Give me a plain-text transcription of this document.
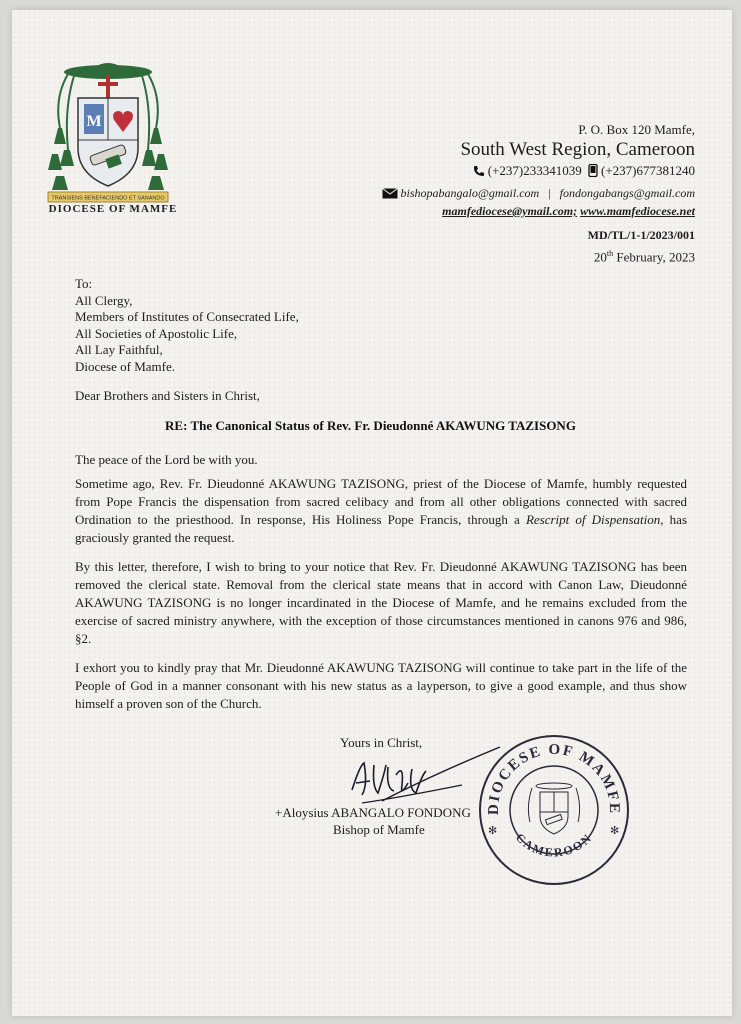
M
TRANSIENS BENEFACIENDO ET SANANDO
DIOCESE OF MAMFE
P. O. Box 120 Mamfe,
South West Region, Cameroon
(+237)233341039 (+237)677381240
bishopabangalo@gmail.com | fondongabangs@gmail.com
mamfediocese@ymail.com; www.mamfediocese.net
MD/TL/1-1/2023/001
20th February, 2023
To:
All Clergy,
Members of Institutes of Consecrated Life,
All Societies of Apostolic Life,
All Lay Faithful,
Diocese of Mamfe.
Dear Brothers and Sisters in Christ,
RE: The Canonical Status of Rev. Fr. Dieudonné AKAWUNG TAZISONG
The peace of the Lord be with you.
Sometime ago, Rev. Fr. Dieudonné AKAWUNG TAZISONG, priest of the Diocese of Mamfe, humbly requested from Pope Francis the dispensation from sacred celibacy and from all other obligations connected with sacred Ordination to the priesthood. In response, His Holiness Pope Francis, through a Rescript of Dispensation, has graciously granted the request.
By this letter, therefore, I wish to bring to your notice that Rev. Fr. Dieudonné AKAWUNG TAZISONG has been removed the clerical state. Removal from the clerical state means that in accord with Canon Law, Dieudonné AKAWUNG TAZISONG is no longer incardinated in the Diocese of Mamfe, and he remains excluded from the exercise of sacred ministry anywhere, with the exception of those circumstances mentioned in canons 976 and 986, §2.
I exhort you to kindly pray that Mr. Dieudonné AKAWUNG TAZISONG will continue to take part in the life of the People of God in a manner consonant with his new status as a layperson, to give a good example, and thus show himself a proven son of the Church.
Yours in Christ,
+Aloysius ABANGALO FONDONG
Bishop of Mamfe
DIOCESE OF MAMFE
CAMEROON
✻	✻
